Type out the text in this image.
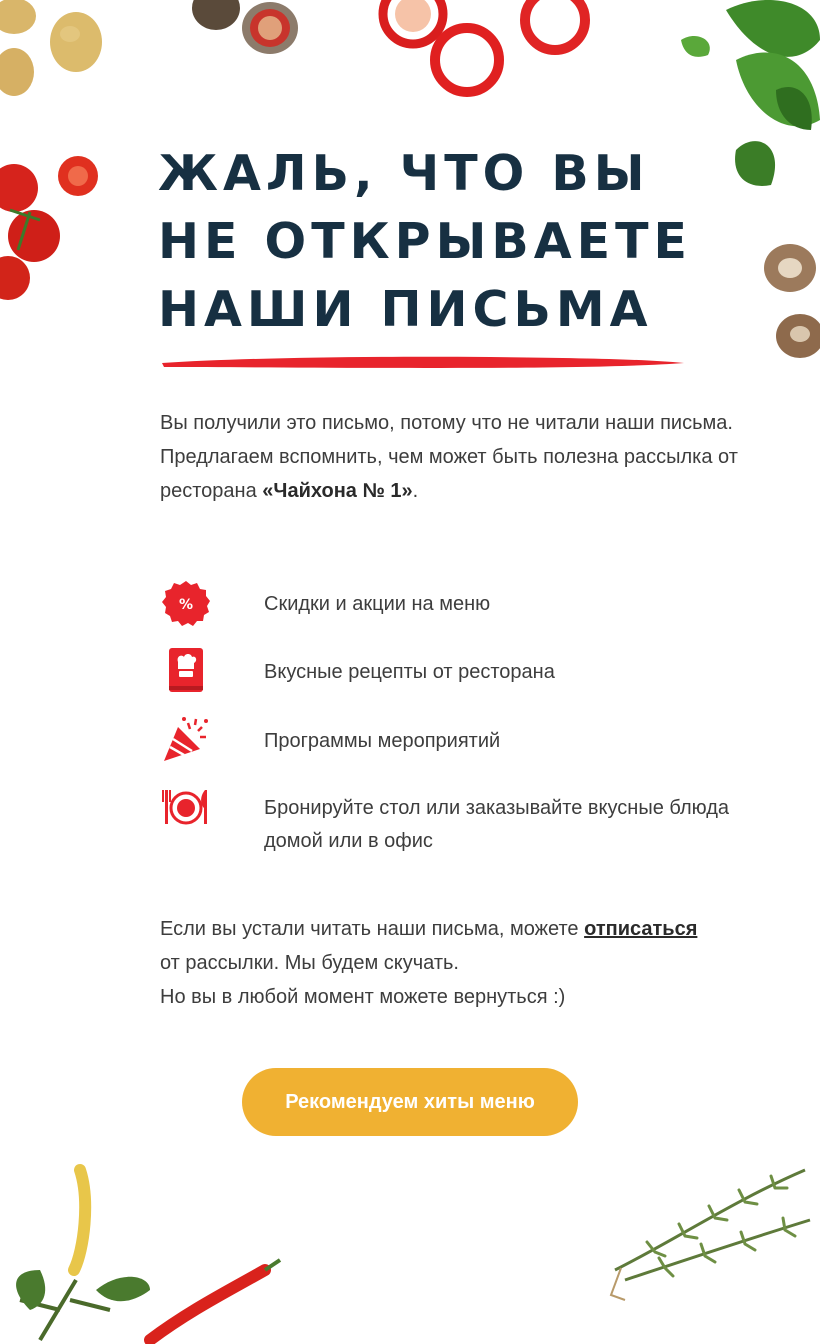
ЖАЛЬ, ЧТО ВЫ
НЕ ОТКРЫВАЕТЕ
НАШИ ПИСЬМА
Вы получили это письмо, потому что не читали наши письма. Предлагаем вспомнить, чем может быть полезна рассылка от ресторана «Чайхона № 1».
%	Скидки и акции на меню
Вкусные рецепты от ресторана
Программы мероприятий
Бронируйте стол или заказывайте вкусные блюда домой или в офис
Если вы устали читать наши письма, можете отписаться от рассылки. Мы будем скучать.
Но вы в любой момент можете вернуться :)
Рекомендуем хиты меню
